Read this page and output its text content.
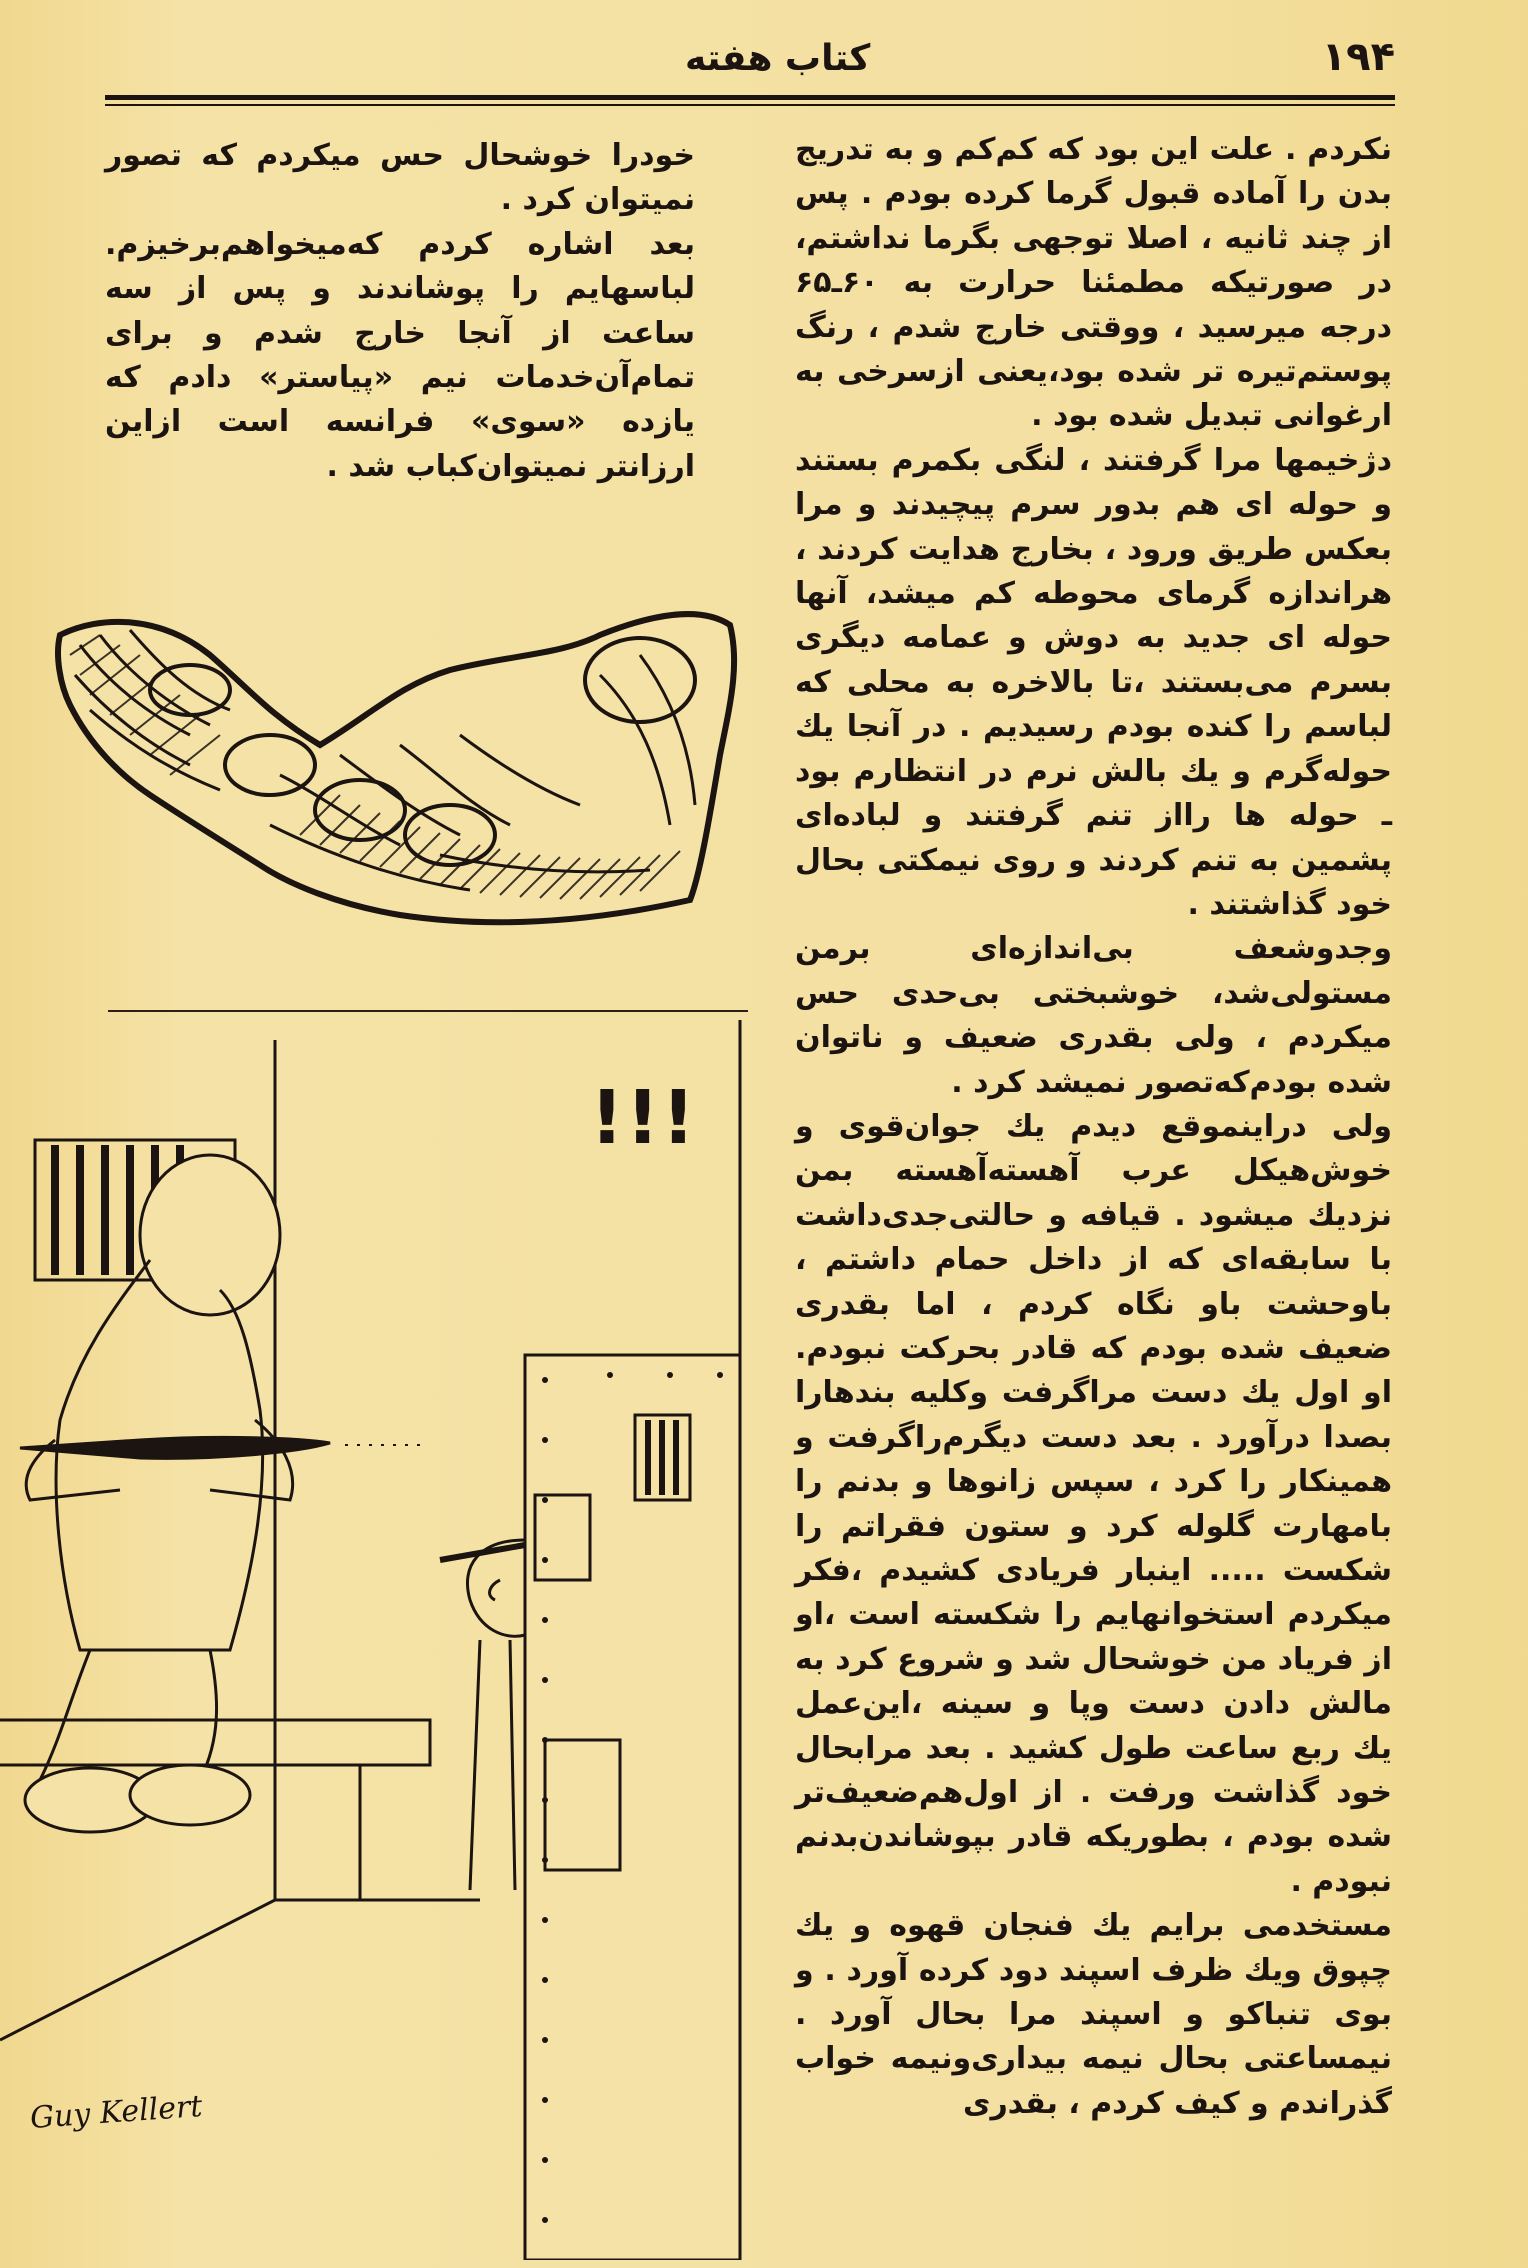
کتاب هفته	۱۹۴

نکردم . علت این بود که کم‌کم و به تدریج بدن را آماده قبول گرما کرده بودم . پس از چند ثانیه ، اصلا توجهی بگرما نداشتم، در صورتیکه مطمئنا حرارت به ۶۰ـ۶۵ درجه میرسید ، ووقتی خارج شدم ، رنگ پوستم‌تیره تر شده بود،یعنی ازسرخی به ارغوانی تبدیل شده بود .

دژخیمها مرا گرفتند ، لنگی بکمرم بستند و حوله ای هم بدور سرم پیچیدند و مرا بعکس طریق ورود ، بخارج هدایت کردند ، هراندازه گرمای محوطه کم میشد، آنها حوله ای جدید به دوش و عمامه دیگری بسرم می‌بستند ،تا بالاخره به محلی که لباسم را کنده بودم رسیدیم . در آنجا یك حوله‌گرم و یك بالش نرم در انتظارم بود ـ حوله ها رااز تنم گرفتند و لباده‌ای پشمین به تنم کردند و روی نیمکتی بحال خود گذاشتند .

وجدوشعف بی‌اندازه‌ای برمن مستولی‌شد، خوشبختی بی‌حدی حس میکردم ، ولی بقدری ضعیف و ناتوان شده بودم‌که‌تصور نمیشد کرد .

ولی دراینموقع دیدم یك جوان‌قوی و خوش‌هیکل عرب آهسته‌آهسته بمن نزدیك میشود . قیافه و حالتی‌جدی‌داشت با سابقه‌ای که از داخل حمام داشتم ، باوحشت باو نگاه کردم ، اما بقدری ضعیف شده بودم که قادر بحرکت نبودم. او اول یك دست مراگرفت وکلیه بندهارا بصدا درآورد . بعد دست دیگرم‌راگرفت و همینکار را کرد ، سپس زانوها و بدنم را بامهارت گلوله کرد و ستون فقراتم را شکست ..... اینبار فریادی کشیدم ،فکر میکردم استخوانهایم را شکسته است ،او از فریاد من خوشحال شد و شروع کرد به مالش دادن دست وپا و سینه ،این‌عمل یك ربع ساعت طول کشید . بعد مرابحال خود گذاشت ورفت . از اول‌هم‌ضعیف‌تر شده بودم ، بطوریکه قادر بپوشاندن‌بدنم نبودم .

مستخدمی برایم یك فنجان قهوه و یك چپوق ویك ظرف اسپند دود کرده آورد . و بوی تنباکو و اسپند مرا بحال آورد . نیمساعتی بحال نیمه بیداری‌ونیمه خواب گذراندم و کیف کردم ، بقدری

خودرا خوشحال حس میکردم که تصور نمیتوان کرد .

بعد اشاره کردم که‌میخواهم‌برخیزم. لباسهایم را پوشاندند و پس از سه ساعت از آنجا خارج شدم و برای تمام‌آن‌خدمات نیم «پیاستر» دادم که یازده «سوی» فرانسه است ازاین ارزانتر نمیتوان‌کباب شد .

!!!
Guy Kellert
